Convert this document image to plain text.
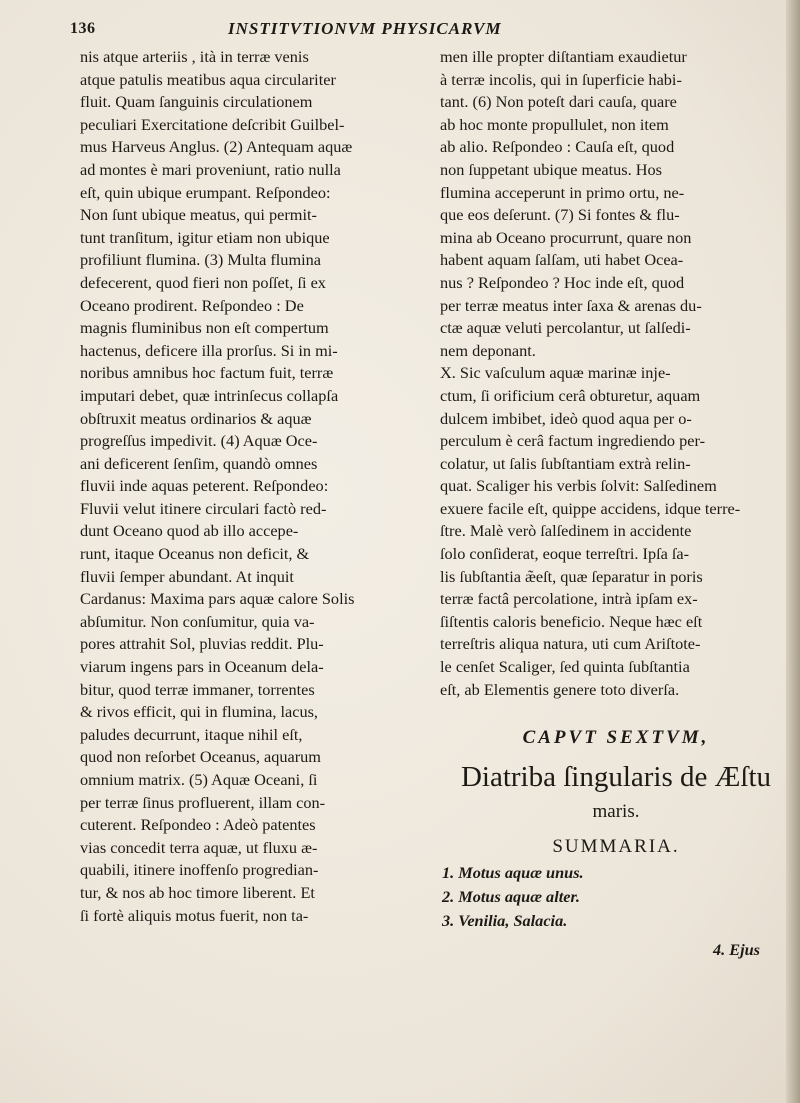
136	INSTITVTIONVM PHYSICARVM
nis atque arteriis , ità in terræ venis
atque patulis meatibus aqua circulariter
fluit. Quam ſanguinis circulationem
peculiari Exercitatione deſcribit Guilbel-
mus Harveus Anglus. (2) Antequam aquæ
ad montes è mari proveniunt, ratio nulla
eſt, quin ubique erumpant. Reſpondeo:
Non ſunt ubique meatus, qui permit-
tunt tranſitum, igitur etiam non ubique
profiliunt flumina. (3) Multa flumina
defecerent, quod fieri non poſſet, ſi ex
Oceano prodirent. Reſpondeo : De
magnis fluminibus non eſt compertum
hactenus, deficere illa prorſus. Si in mi-
noribus amnibus hoc factum fuit, terræ
imputari debet, quæ intrinſecus collapſa
obſtruxit meatus ordinarios & aquæ
progreſſus impedivit. (4) Aquæ Oce-
ani deficerent ſenſim, quandò omnes
fluvii inde aquas peterent. Reſpondeo:
Fluvii velut itinere circulari factò red-
dunt Oceano quod ab illo accepe-
runt, itaque Oceanus non deficit, &
fluvii ſemper abundant. At inquit
Cardanus: Maxima pars aquæ calore Solis
abſumitur. Non conſumitur, quia va-
pores attrahit Sol, pluvias reddit. Plu-
viarum ingens pars in Oceanum dela-
bitur, quod terræ immaner, torrentes
& rivos efficit, qui in flumina, lacus,
paludes decurrunt, itaque nihil eſt,
quod non reſorbet Oceanus, aquarum
omnium matrix. (5) Aquæ Oceani, ſi
per terræ ſinus profluerent, illam con-
cuterent. Reſpondeo : Adeò patentes
vias concedit terra aquæ, ut fluxu æ-
quabili, itinere inoffenſo progredian-
tur, & nos ab hoc timore liberent. Et
ſi fortè aliquis motus fuerit, non ta-
men ille propter diſtantiam exaudietur
à terræ incolis, qui in ſuperficie habi-
tant. (6) Non poteſt dari cauſa, quare
ab hoc monte propullulet, non item
ab alio. Reſpondeo : Cauſa eſt, quod
non ſuppetant ubique meatus. Hos
flumina acceperunt in primo ortu, ne-
que eos deſerunt. (7) Si fontes & flu-
mina ab Oceano procurrunt, quare non
habent aquam ſalſam, uti habet Ocea-
nus ? Reſpondeo ? Hoc inde eſt, quod
per terræ meatus inter ſaxa & arenas du-
ctæ aquæ veluti percolantur, ut ſalſedi-
nem deponant.
X. Sic vaſculum aquæ marinæ inje-
ctum, ſi orificium cerâ obturetur, aquam
dulcem imbibet, ideò quod aqua per o-
perculum è cerâ factum ingrediendo per-
colatur, ut ſalis ſubſtantiam extrà relin-
quat. Scaliger his verbis ſolvit: Salſedinem
exuere facile eſt, quippe accidens, idque terre-
ſtre. Malè verò ſalſedinem in accidente
ſolo conſiderat, eoque terreſtri. Ipſa ſa-
lis ſubſtantia æ̃eſt, quæ ſeparatur in poris
terræ factâ percolatione, intrà ipſam ex-
ſiſtentis caloris beneficio. Neque hæc eſt
terreſtris aliqua natura, uti cum Ariſtote-
le cenſet Scaliger, ſed quinta ſubſtantia
eſt, ab Elementis genere toto diverſa.
CAPVT SEXTVM,
Diatriba ſingularis de Æſtu
maris.
SUMMARIA.
1. Motus aquæ unus.
2. Motus aquæ alter.
3. Venilia, Salacia.
4. Ejus
